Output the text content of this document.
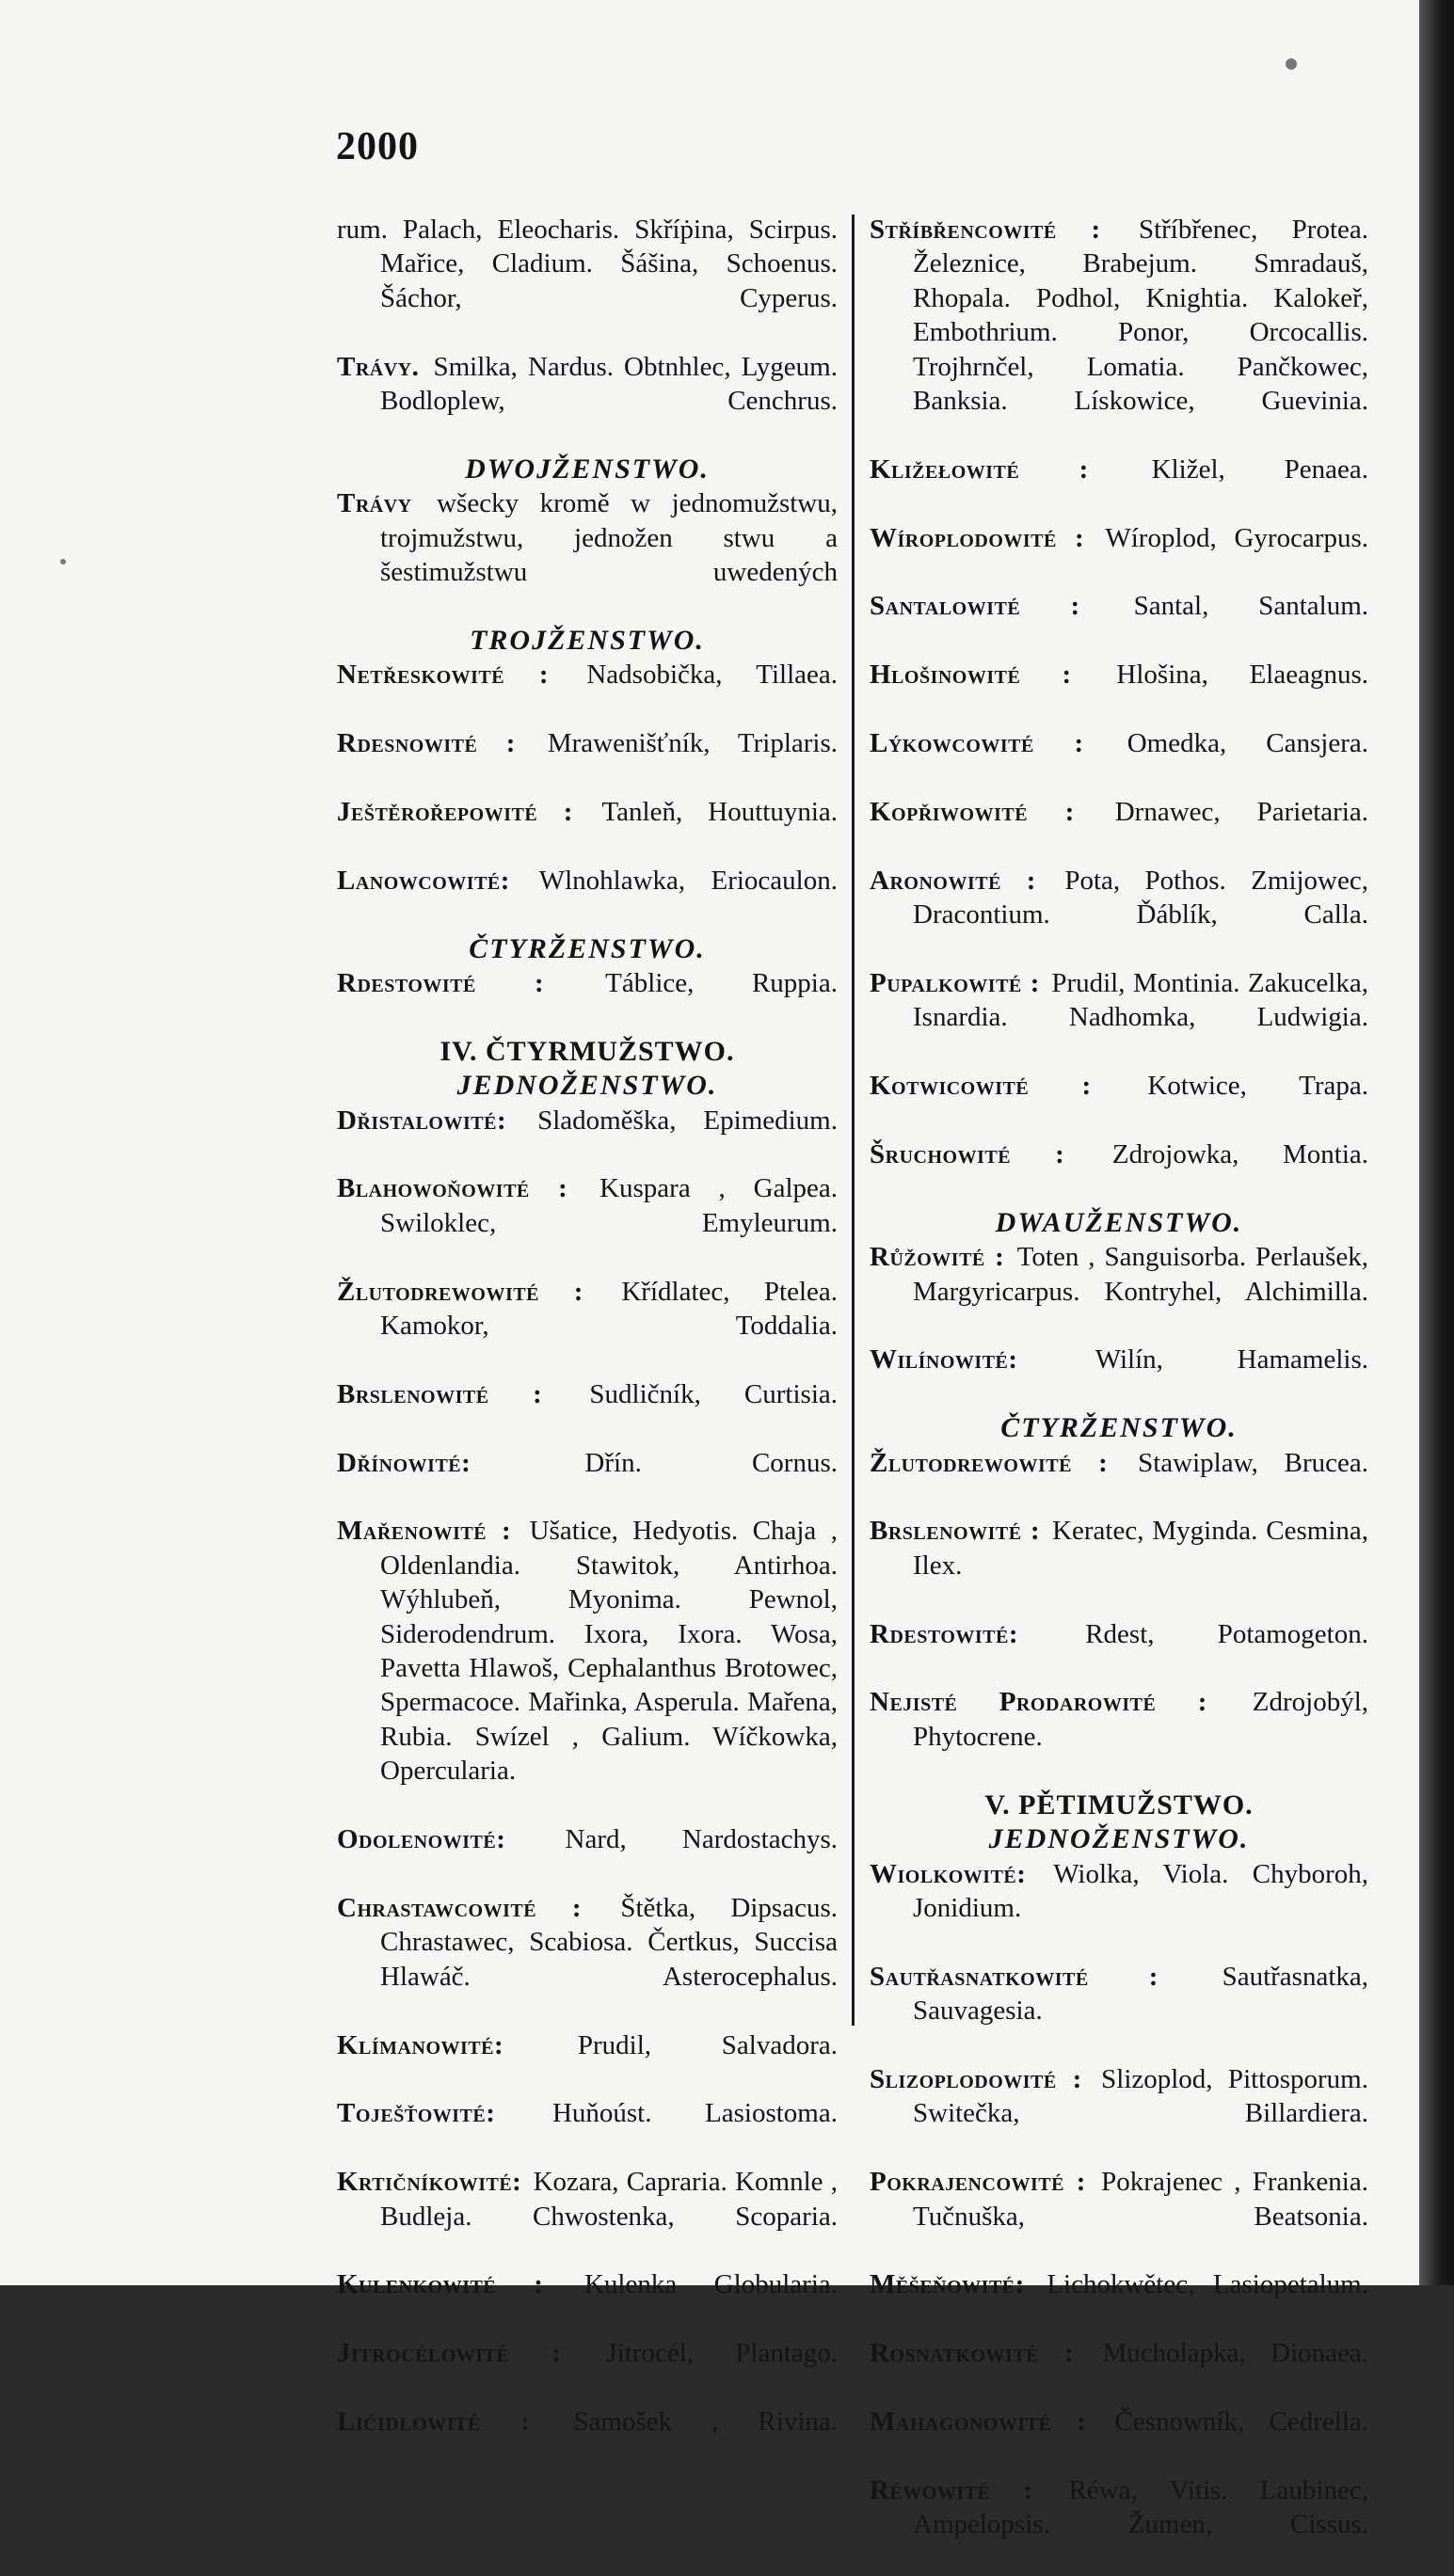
2000

rum. Palach, Eleocharis. Skříṗina, Scirpus. Mařice, Cladium. Šášina, Schoenus. Šáchor, Cyperus.

Trávy. Smilka, Nardus. Obtnhlec, Lygeum. Bodloplew, Cenchrus.

DWOJŽENSTWO.

Trávy wšecky kromě w jednomužstwu, trojmužstwu, jednožen stwu a šestimužstwu uwedených

TROJŽENSTWO.

Netřeskowité : Nadsobička, Tillaea.

Rdesnowité : Mrawenišťník, Triplaris.

Ještěrořepowité : Tanleň, Houttuynia.

Lanowcowité: Wlnohlawka, Eriocaulon.

ČTYRŽENSTWO.

Rdestowité : Táblice, Ruppia.

IV. ČTYRMUŽSTWO.

JEDNOŽENSTWO.

Dřistalowité: Sladoměška, Epimedium.

Blahowoňowité : Kuspara , Galpea. Swiloklec, Emyleurum.

Žlutodrewowité : Křídlatec, Ptelea. Kamokor, Toddalia.

Brslenowité : Sudličník, Curtisia.

Dřínowité: Dřín. Cornus.

Mařenowité : Ušatice, Hedyotis. Chaja , Oldenlandia. Stawitok, Antirhoa. Wýhlubeň, Myonima. Pewnol, Siderodendrum. Ixora, Ixora. Wosa, Pavetta Hlawoš, Cephalanthus Brotowec, Spermacoce. Mařinka, Asperula. Mařena, Rubia. Swízel , Galium. Wíčkowka, Opercularia.

Odolenowité: Nard, Nardostachys.

Chrastawcowité : Štětka, Dipsacus. Chrastawec, Scabiosa. Čertkus, Succisa Hlawáč. Asterocephalus.

Klímanowité: Prudil, Salvadora.

Toješťowité: Huňoúst. Lasiostoma.

Krtičníkowité: Kozara, Capraria. Komnle , Budleja. Chwostenka, Scoparia.

Kulenkowité : Kulenka Globularia.

Jitrocélowité : Jitrocél, Plantago.

Ličidlowité : Samošek , Rivina.

Stříbřencowité : Stříbřenec, Protea. Železnice, Brabejum. Smradauš, Rhopala. Podhol, Knightia. Kalokeř, Embothrium. Ponor, Orcocallis. Trojhrnčel, Lomatia. Pančkowec, Banksia. Lískowice, Guevinia.

Kližełowité : Kližel, Penaea.

Wíroplodowité : Wíroplod, Gyrocarpus.

Santalowité : Santal, Santalum.

Hlošinowité : Hlošina, Elaeagnus.

Lýkowcowité : Omedka, Cansjera.

Kopřiwowité : Drnawec, Parietaria.

Aronowité : Pota, Pothos. Zmijowec, Dracontium. Ďáblík, Calla.

Pupalkowité : Prudil, Montinia. Zakucelka, Isnardia. Nadhomka, Ludwigia.

Kotwicowité : Kotwice, Trapa.

Šruchowité : Zdrojowka, Montia.

DWAUŽENSTWO.

Růžowité : Toten , Sanguisorba. Perlaušek, Margyricarpus. Kontryhel, Alchimilla.

Wilínowité: Wilín, Hamamelis.

ČTYRŽENSTWO.

Žlutodrewowité : Stawiplaw, Brucea.

Brslenowité : Keratec, Myginda. Cesmina, Ilex.

Rdestowité: Rdest, Potamogeton.

Nejisté Prodarowité : Zdrojobýl, Phytocrene.

V. PĚTIMUŽSTWO.

JEDNOŽENSTWO.

Wiolkowité: Wiolka, Viola. Chyboroh, Jonidium.

Sautřasnatkowité : Sautřasnatka, Sauvagesia.

Slizoplodowité : Slizoplod, Pittosporum. Switečka, Billardiera.

Pokrajencowité : Pokrajenec , Frankenia. Tučnuška, Beatsonia.

Měšeňowité: Lichokwětec, Lasiopetalum.

Rosnatkowité : Mucholapka, Dionaea.

Mahagonowité : Česnowník, Cedrella.

Réwowité : Réwa, Vitis. Laubinec, Ampelopsis. Žumen, Cissus.
